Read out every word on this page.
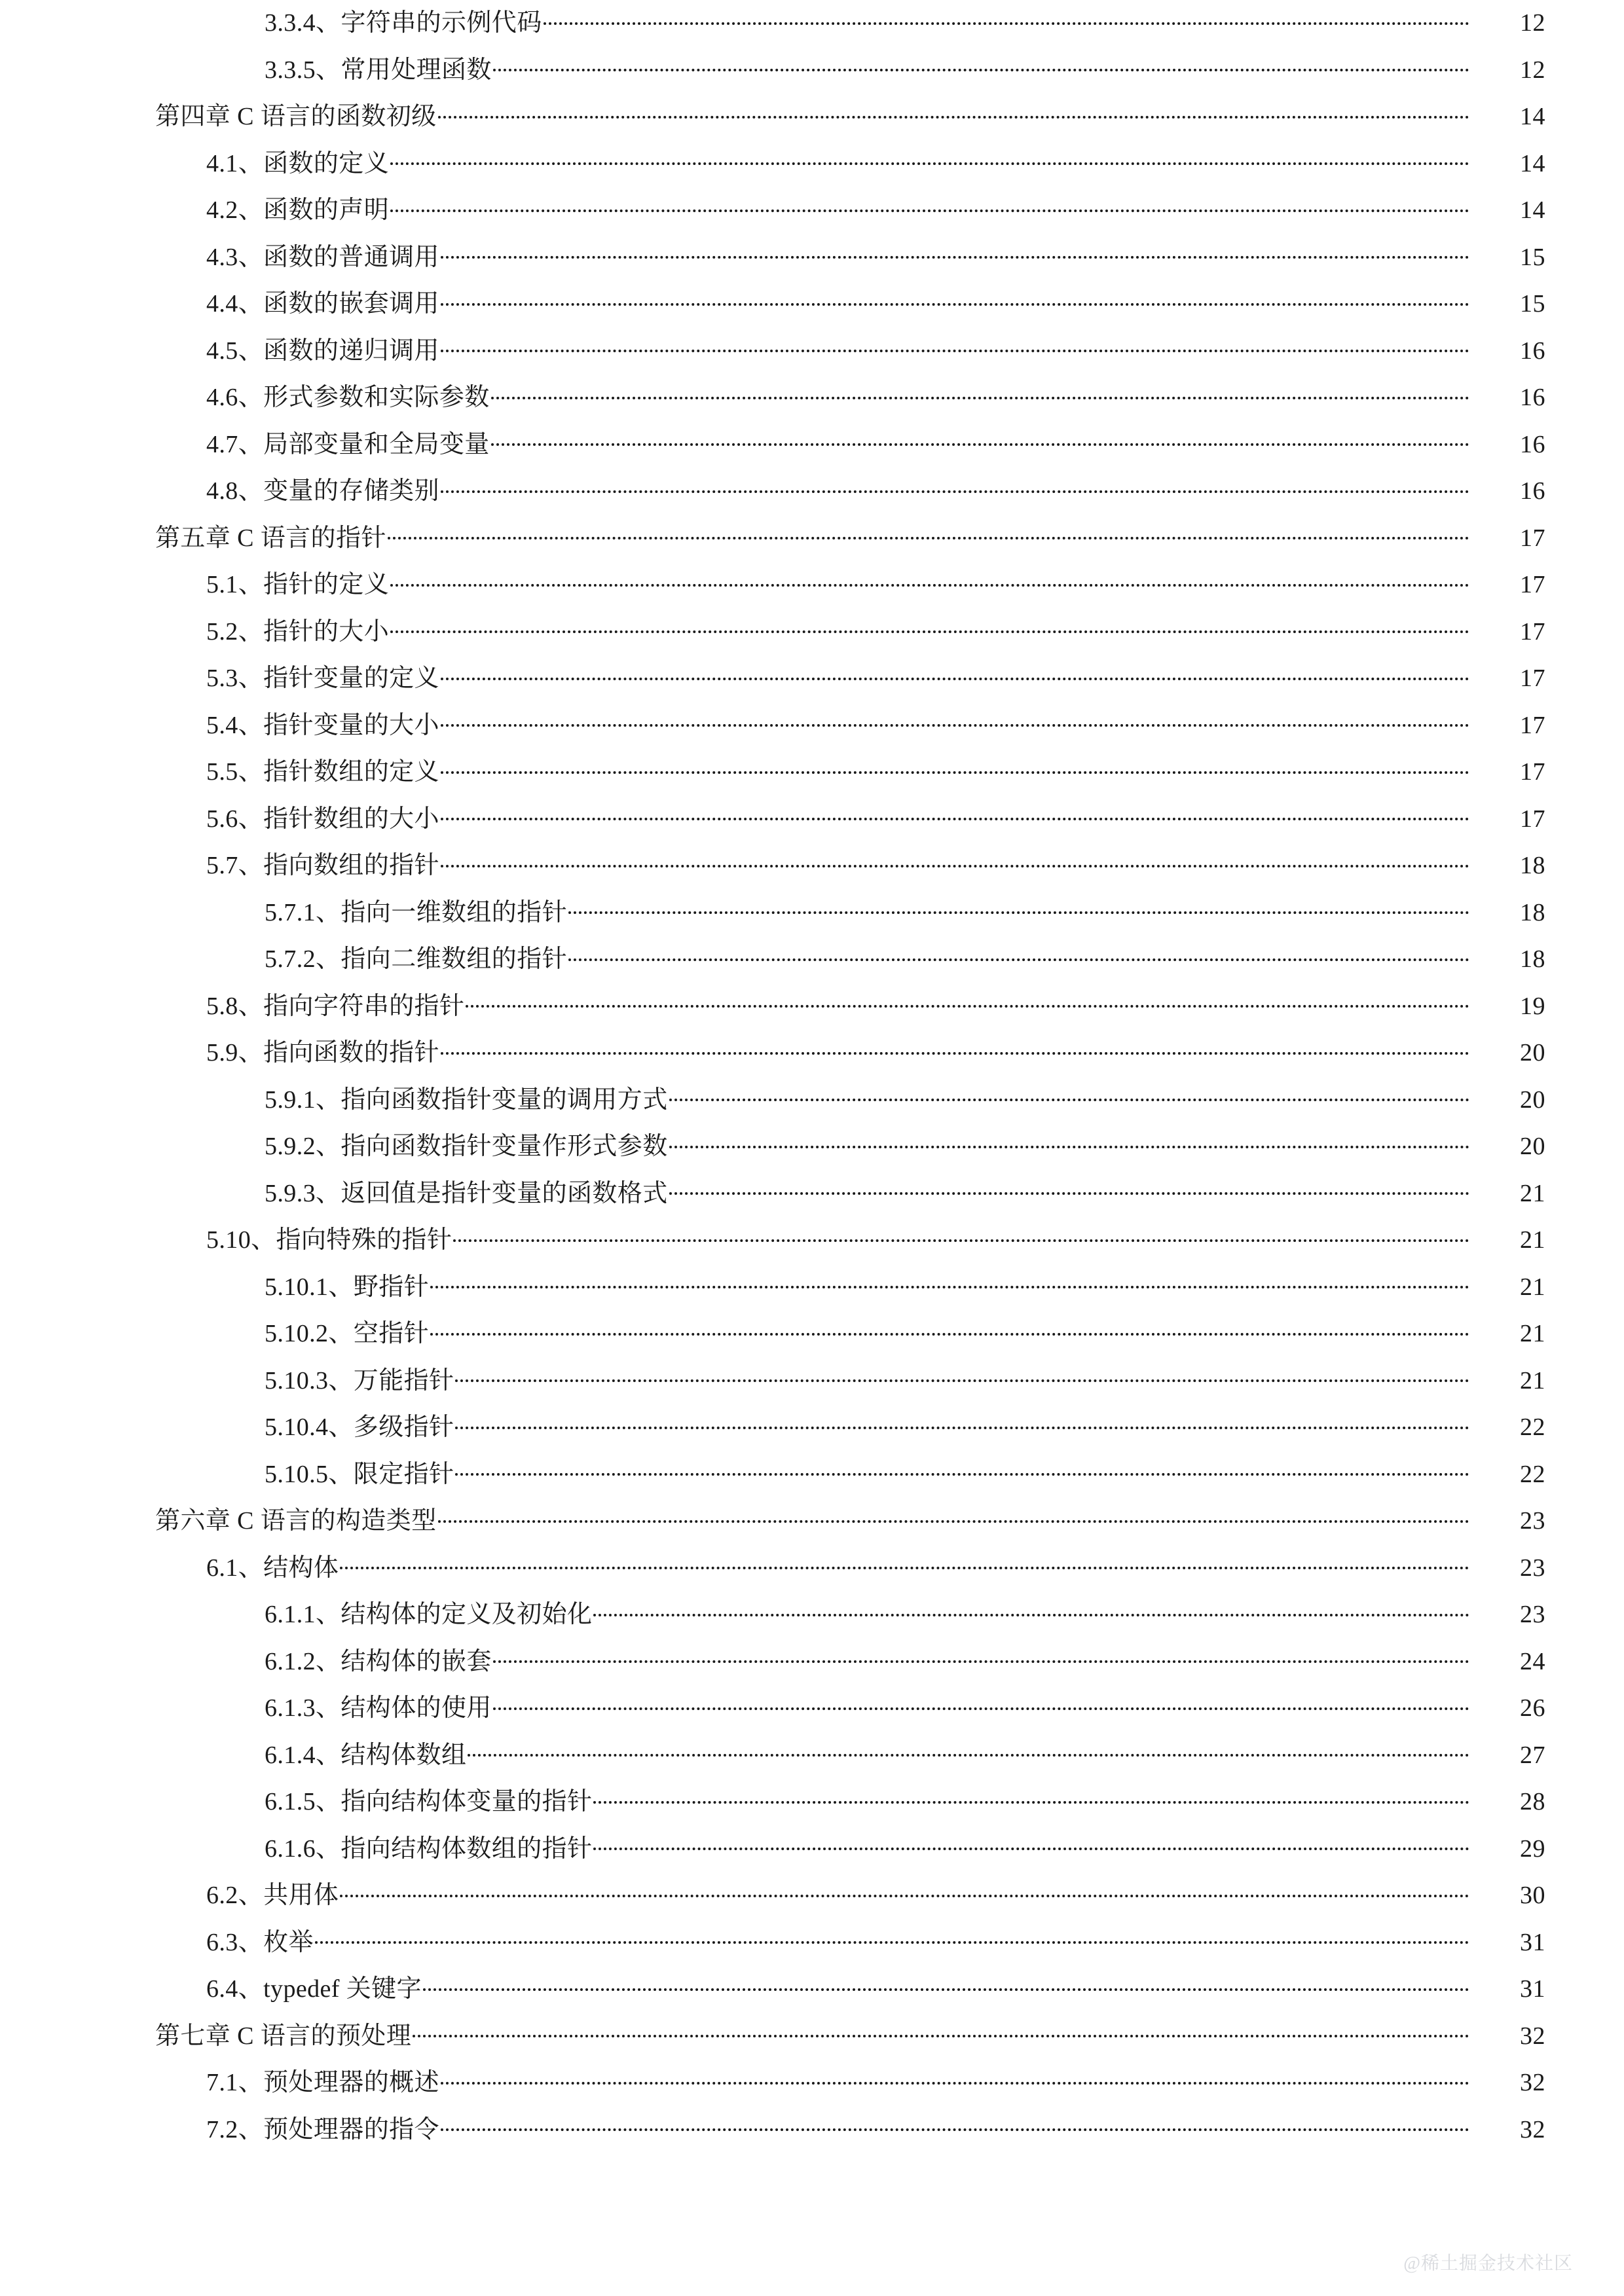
3.3.4、字符串的示例代码	12
3.3.5、常用处理函数	12
第四章 C 语言的函数初级	14
4.1、函数的定义	14
4.2、函数的声明	14
4.3、函数的普通调用	15
4.4、函数的嵌套调用	15
4.5、函数的递归调用	16
4.6、形式参数和实际参数	16
4.7、局部变量和全局变量	16
4.8、变量的存储类别	16
第五章 C 语言的指针	17
5.1、指针的定义	17
5.2、指针的大小	17
5.3、指针变量的定义	17
5.4、指针变量的大小	17
5.5、指针数组的定义	17
5.6、指针数组的大小	17
5.7、指向数组的指针	18
5.7.1、指向一维数组的指针	18
5.7.2、指向二维数组的指针	18
5.8、指向字符串的指针	19
5.9、指向函数的指针	20
5.9.1、指向函数指针变量的调用方式	20
5.9.2、指向函数指针变量作形式参数	20
5.9.3、返回值是指针变量的函数格式	21
5.10、指向特殊的指针	21
5.10.1、野指针	21
5.10.2、空指针	21
5.10.3、万能指针	21
5.10.4、多级指针	22
5.10.5、限定指针	22
第六章 C 语言的构造类型	23
6.1、结构体	23
6.1.1、结构体的定义及初始化	23
6.1.2、结构体的嵌套	24
6.1.3、结构体的使用	26
6.1.4、结构体数组	27
6.1.5、指向结构体变量的指针	28
6.1.6、指向结构体数组的指针	29
6.2、共用体	30
6.3、枚举	31
6.4、typedef 关键字	31
第七章 C 语言的预处理	32
7.1、预处理器的概述	32
7.2、预处理器的指令	32
@稀土掘金技术社区
